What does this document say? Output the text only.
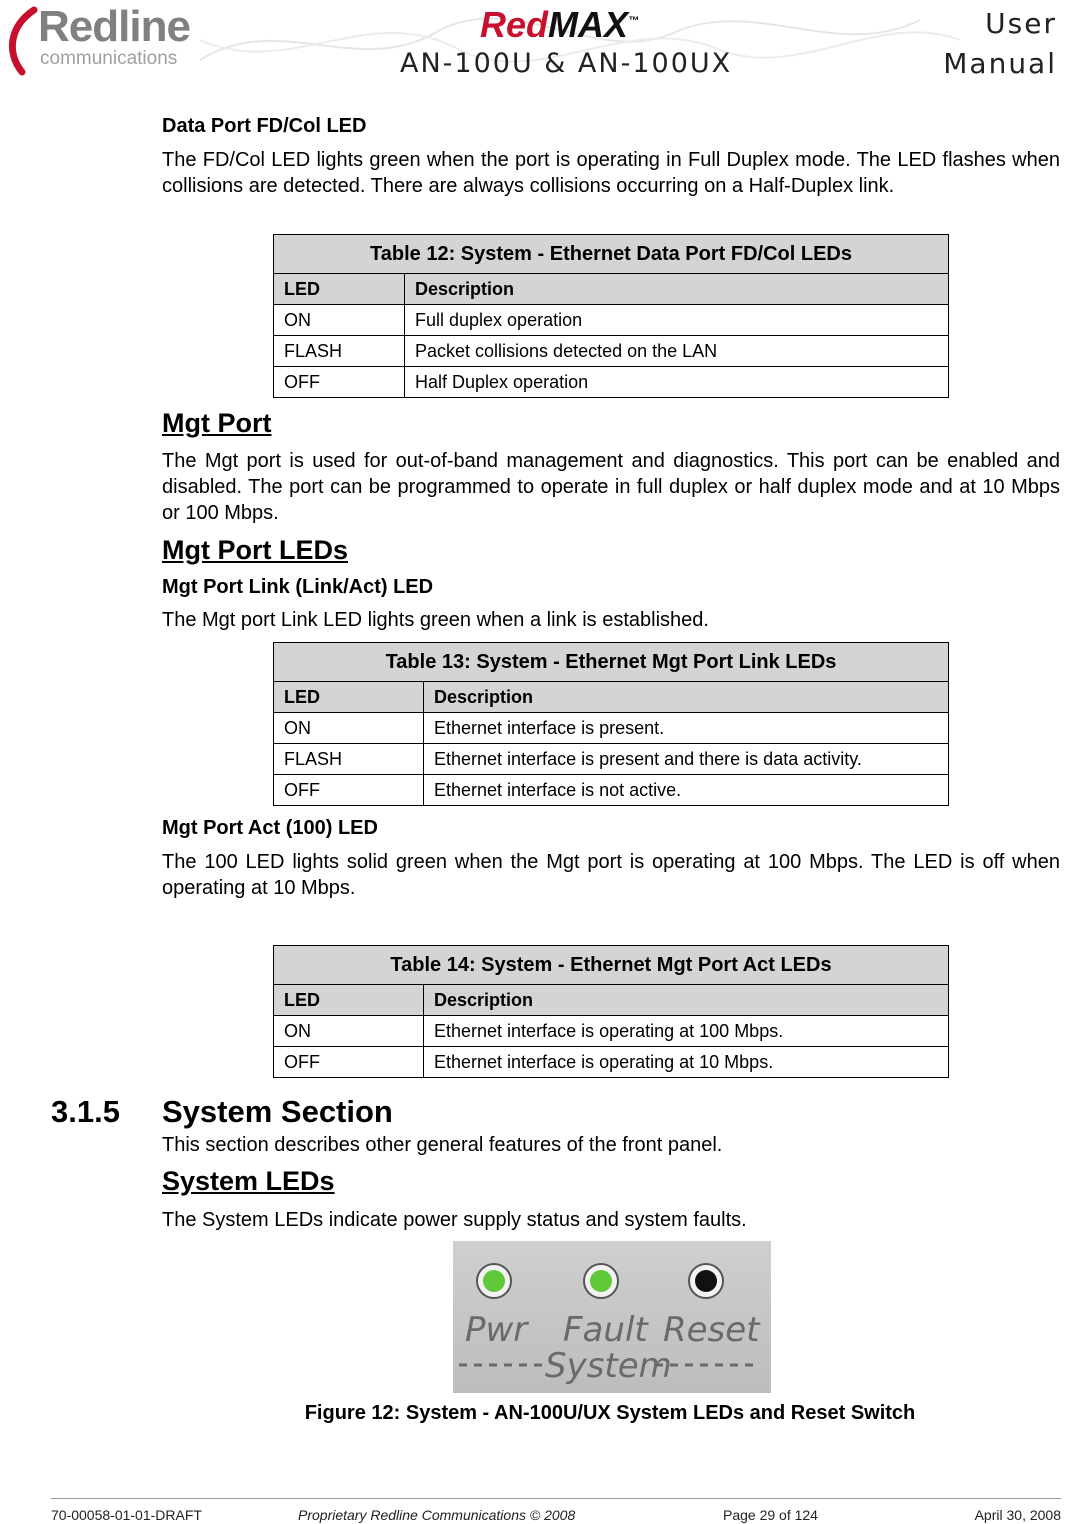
Redline
communications
RedMAX™
AN-100U & AN-100UX
User
Manual
Data Port FD/Col LED
The FD/Col LED lights green when the port is operating in Full Duplex mode. The LED flashes when collisions are detected. There are always collisions occurring on a Half-Duplex link.
Table 12: System - Ethernet Data Port FD/Col LEDs	
LED	Description
ON	Full duplex operation
FLASH	Packet collisions detected on the LAN
OFF	Half Duplex operation
Mgt Port
The Mgt port is used for out-of-band management and diagnostics. This port can be enabled and disabled. The port can be programmed to operate in full duplex or half duplex mode and at 10 Mbps or 100 Mbps.
Mgt Port LEDs
Mgt Port Link (Link/Act) LED
The Mgt port Link LED lights green when a link is established.
Table 13: System - Ethernet Mgt Port Link LEDs	
LED	Description
ON	Ethernet interface is present.
FLASH	Ethernet interface is present and there is data activity.
OFF	Ethernet interface is not active.
Mgt Port Act (100) LED
The 100 LED lights solid green when the Mgt port is operating at 100 Mbps. The LED is off when operating at 10 Mbps.
Table 14: System - Ethernet Mgt Port Act LEDs	
LED	Description
ON	Ethernet interface is operating at 100 Mbps.
OFF	Ethernet interface is operating at 10 Mbps.
3.1.5 System Section
This section describes other general features of the front panel.
System LEDs
The System LEDs indicate power supply status and system faults.
Pwr Fault Reset
System
Figure 12: System - AN-100U/UX System LEDs and Reset Switch
70-00058-01-01-DRAFT	Proprietary Redline Communications © 2008	Page 29 of 124	April 30, 2008
